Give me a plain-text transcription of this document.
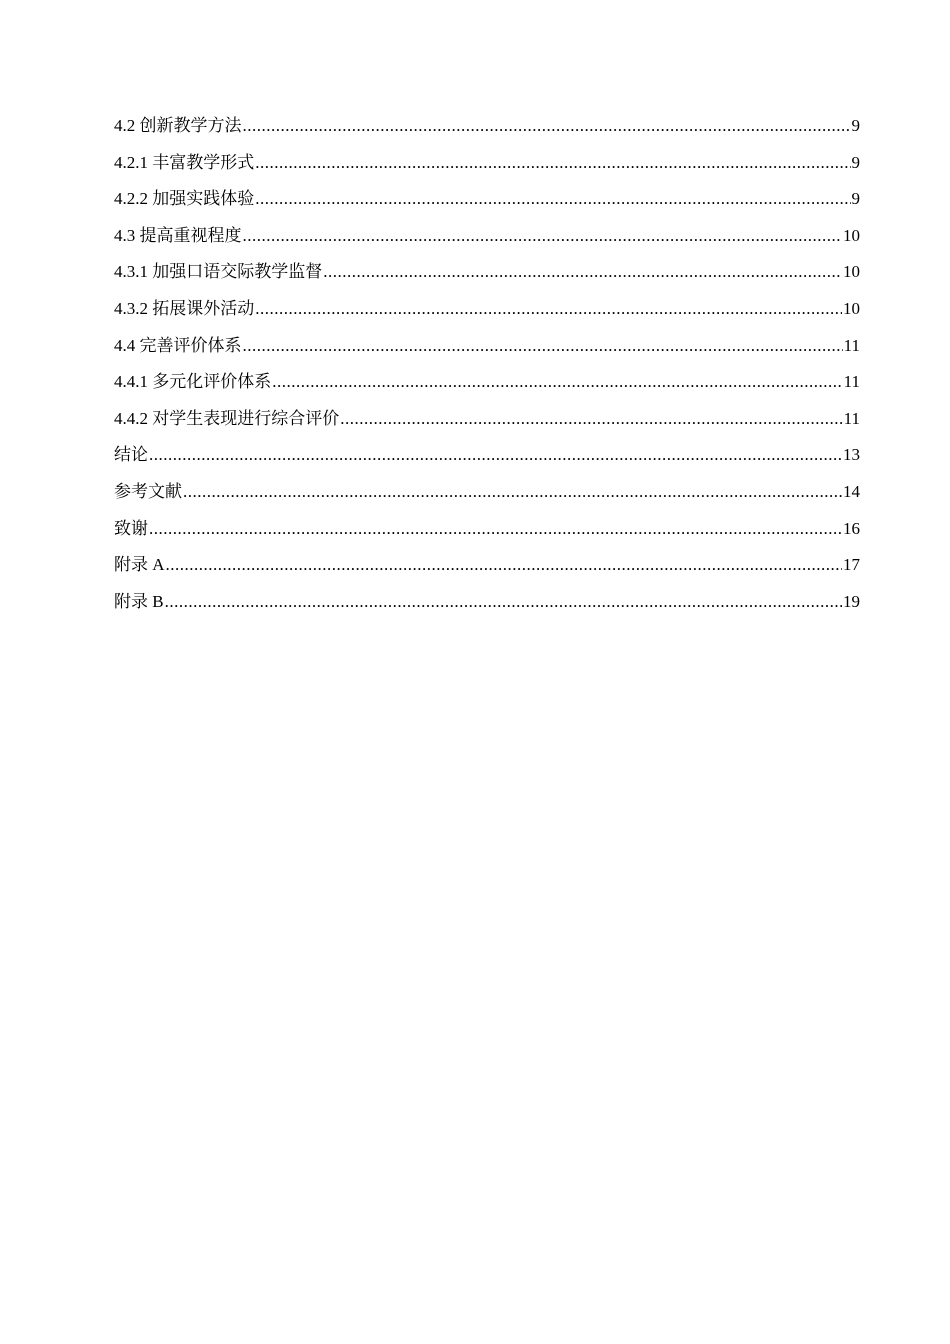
4.2 创新教学方法 .....	9
4.2.1 丰富教学形式 .....	9
4.2.2 加强实践体验 .....	9
4.3 提高重视程度 .....	10
4.3.1 加强口语交际教学监督 .....	10
4.3.2 拓展课外活动 .....	10
4.4 完善评价体系 .....	11
4.4.1 多元化评价体系 .....	11
4.4.2 对学生表现进行综合评价 .....	11
结论 .....	13
参考文献 .....	14
致谢 .....	16
附录 A .....	17
附录 B .....	19
